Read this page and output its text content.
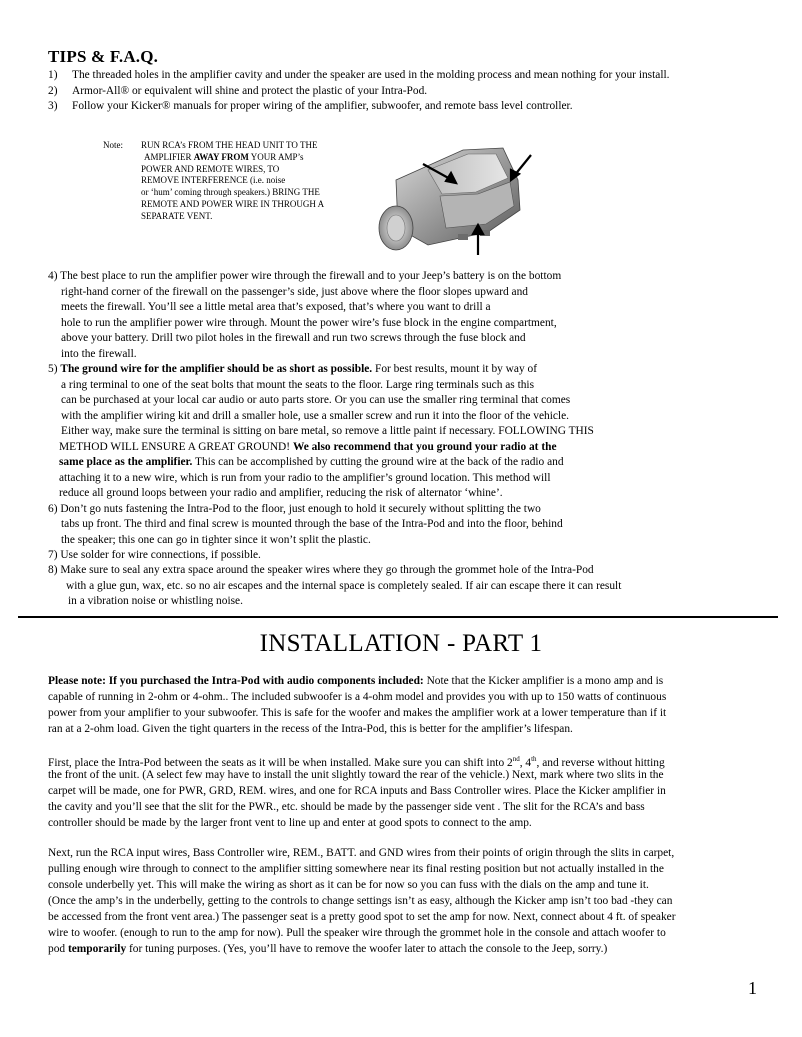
TIPS & F.A.Q.
1) The threaded holes in the amplifier cavity and under the speaker are used in the molding process and mean nothing for your install.
2) Armor-All® or equivalent will shine and protect the plastic of your Intra-Pod.
3) Follow your Kicker® manuals for proper wiring of the amplifier, subwoofer, and remote bass level controller.
Note: RUN RCA’s FROM THE HEAD UNIT TO THE
AMPLIFIER AWAY FROM YOUR AMP’s
POWER AND REMOTE WIRES, TO
REMOVE INTERFERENCE (i.e. noise
or ‘hum’ coming through speakers.) BRING THE
REMOTE AND POWER WIRE IN THROUGH A
SEPARATE VENT.
4) The best place to run the amplifier power wire through the firewall and to your Jeep’s battery is on the bottom
right-hand corner of the firewall on the passenger’s side, just above where the floor slopes upward and
meets the firewall. You’ll see a little metal area that’s exposed, that’s where you want to drill a
hole to run the amplifier power wire through. Mount the power wire’s fuse block in the engine compartment,
above your battery. Drill two pilot holes in the firewall and run two screws through the fuse block and
into the firewall.
5) The ground wire for the amplifier should be as short as possible. For best results, mount it by way of
a ring terminal to one of the seat bolts that mount the seats to the floor. Large ring terminals such as this
can be purchased at your local car audio or auto parts store. Or you can use the smaller ring terminal that comes
with the amplifier wiring kit and drill a smaller hole, use a smaller screw and run it into the floor of the vehicle.
Either way, make sure the terminal is sitting on bare metal, so remove a little paint if necessary. FOLLOWING THIS
METHOD WILL ENSURE A GREAT GROUND! We also recommend that you ground your radio at the
same place as the amplifier. This can be accomplished by cutting the ground wire at the back of the radio and
attaching it to a new wire, which is run from your radio to the amplifier’s ground location. This method will
reduce all ground loops between your radio and amplifier, reducing the risk of alternator ‘whine’.
6) Don’t go nuts fastening the Intra-Pod to the floor, just enough to hold it securely without splitting the two
tabs up front. The third and final screw is mounted through the base of the Intra-Pod and into the floor, behind
the speaker; this one can go in tighter since it won’t split the plastic.
7) Use solder for wire connections, if possible.
8) Make sure to seal any extra space around the speaker wires where they go through the grommet hole of the Intra-Pod
with a glue gun, wax, etc. so no air escapes and the internal space is completely sealed. If air can escape there it can result
in a vibration noise or whistling noise.
INSTALLATION - PART 1
Please note: If you purchased the Intra-Pod with audio components included: Note that the Kicker amplifier is a mono amp and is
capable of running in 2-ohm or 4-ohm.. The included subwoofer is a 4-ohm model and provides you with up to 150 watts of continuous
power from your amplifier to your subwoofer. This is safe for the woofer and makes the amplifier work at a lower temperature than if it
ran at a 2-ohm load. Given the tight quarters in the recess of the Intra-Pod, this is better for the amplifier’s lifespan.
First, place the Intra-Pod between the seats as it will be when installed. Make sure you can shift into 2nd, 4th, and reverse without hitting
the front of the unit. (A select few may have to install the unit slightly toward the rear of the vehicle.) Next, mark where two slits in the
carpet will be made, one for PWR, GRD, REM. wires, and one for RCA inputs and Bass Controller wires. Place the Kicker amplifier in
the cavity and you’ll see that the slit for the PWR., etc. should be made by the passenger side vent . The slit for the RCA’s and bass
controller should be made by the larger front vent to line up and enter at good spots to connect to the amp.
Next, run the RCA input wires, Bass Controller wire, REM., BATT. and GND wires from their points of origin through the slits in carpet,
pulling enough wire through to connect to the amplifier sitting somewhere near its final resting position but not actually installed in the
console underbelly yet. This will make the wiring as short as it can be for now so you can fuss with the dials on the amp and tune it.
(Once the amp’s in the underbelly, getting to the controls to change settings isn’t as easy, although the Kicker amp isn’t too bad -they can
be accessed from the front vent area.) The passenger seat is a pretty good spot to set the amp for now. Next, connect about 4 ft. of speaker
wire to woofer. (enough to run to the amp for now). Pull the speaker wire through the grommet hole in the console and attach woofer to
pod temporarily for tuning purposes. (Yes, you’ll have to remove the woofer later to attach the console to the Jeep, sorry.)
1
